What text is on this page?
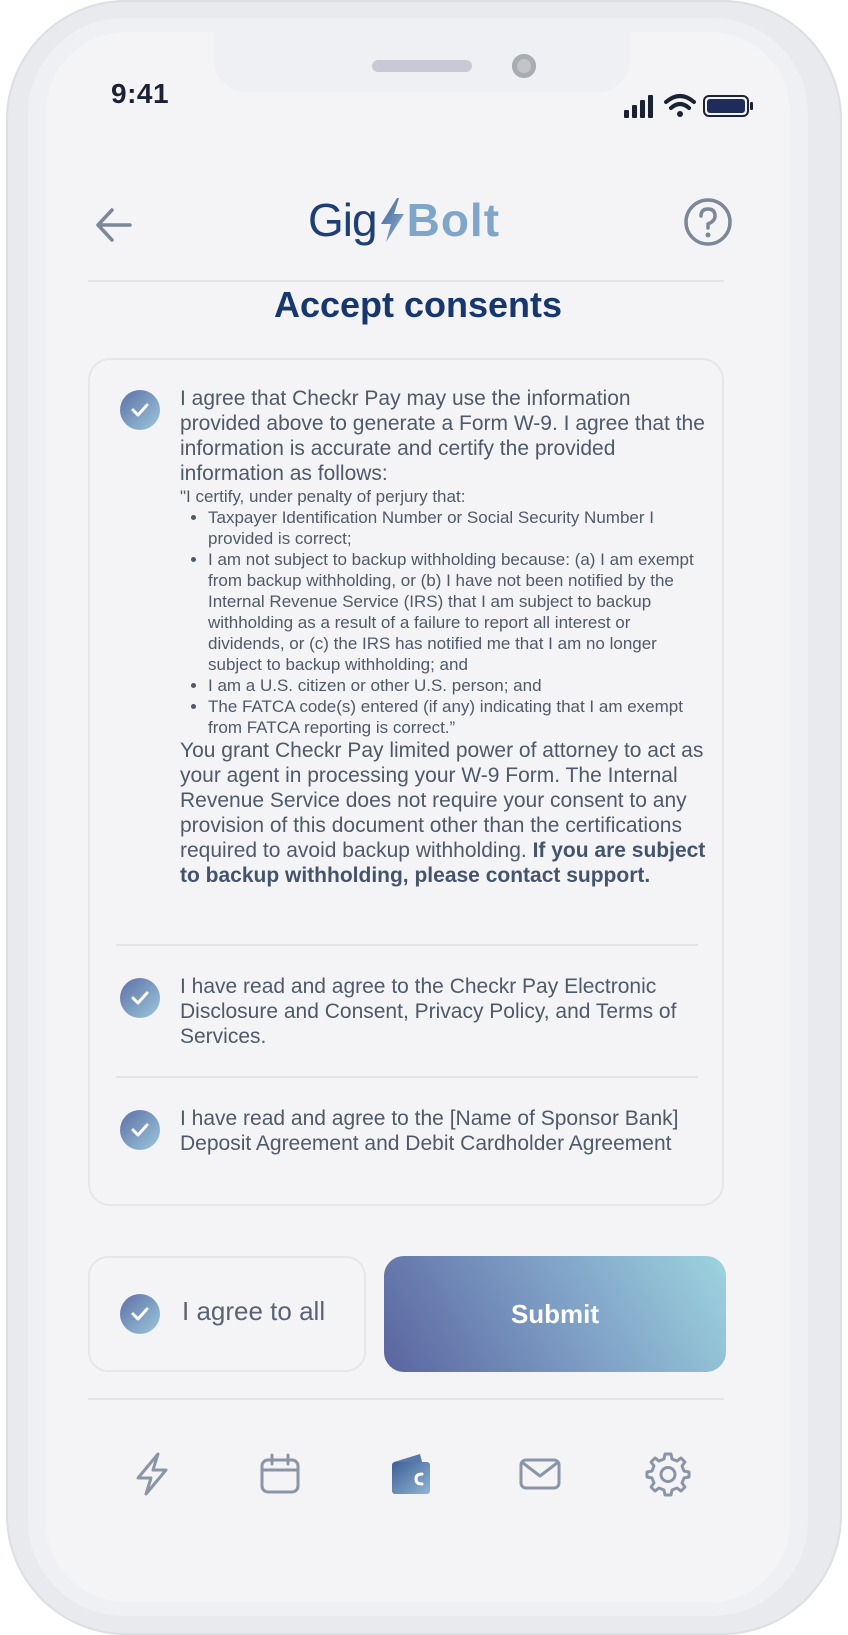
9:41
Gig Bolt
Accept consents

I agree that Checkr Pay may use the information provided above to generate a Form W-9. I agree that the information is accurate and certify the provided information as follows:

"I certify, under penalty of perjury that:

• Taxpayer Identification Number or Social Security Number I provided is correct;
• I am not subject to backup withholding because: (a) I am exempt from backup withholding, or (b) I have not been notified by the Internal Revenue Service (IRS) that I am subject to backup withholding as a result of a failure to report all interest or dividends, or (c) the IRS has notified me that I am no longer subject to backup withholding; and
• I am a U.S. citizen or other U.S. person; and
• The FATCA code(s) entered (if any) indicating that I am exempt from FATCA reporting is correct.”

You grant Checkr Pay limited power of attorney to act as your agent in processing your W-9 Form. The Internal Revenue Service does not require your consent to any provision of this document other than the certifications required to avoid backup withholding. If you are subject to backup withholding, please contact support.

I have read and agree to the Checkr Pay Electronic Disclosure and Consent, Privacy Policy, and Terms of Services.
I have read and agree to the [Name of Sponsor Bank] Deposit Agreement and Debit Cardholder Agreement
I agree to all	Submit
